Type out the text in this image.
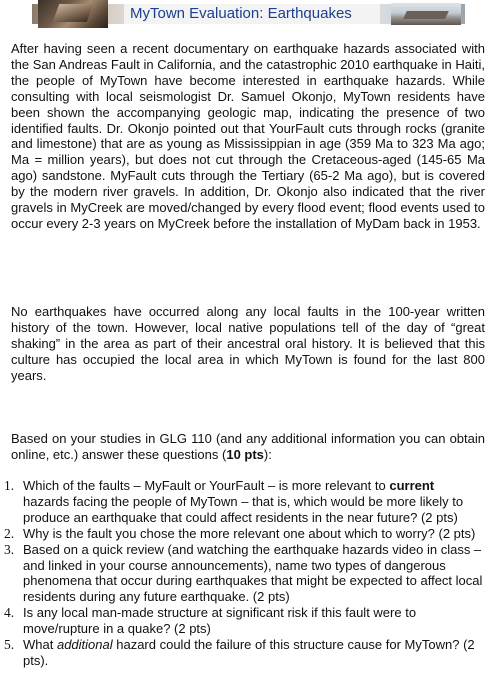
MyTown Evaluation: Earthquakes

After having seen a recent documentary on earthquake hazards associated with the San Andreas Fault in California, and the catastrophic 2010 earthquake in Haiti, the people of MyTown have become interested in earthquake hazards. While consulting with local seismologist Dr. Samuel Okonjo, MyTown residents have been shown the accompanying geologic map, indicating the presence of two identified faults. Dr. Okonjo pointed out that YourFault cuts through rocks (granite and limestone) that are as young as Mississippian in age (359 Ma to 323 Ma ago; Ma = million years), but does not cut through the Cretaceous-aged (145-65 Ma ago) sandstone. MyFault cuts through the Tertiary (65-2 Ma ago), but is covered by the modern river gravels. In addition, Dr. Okonjo also indicated that the river gravels in MyCreek are moved/changed by every flood event; flood events used to occur every 2-3 years on MyCreek before the installation of MyDam back in 1953.

No earthquakes have occurred along any local faults in the 100-year written history of the town. However, local native populations tell of the day of “great shaking” in the area as part of their ancestral oral history. It is believed that this culture has occupied the local area in which MyTown is found for the last 800 years.

Based on your studies in GLG 110 (and any additional information you can obtain online, etc.) answer these questions (10 pts):

1. Which of the faults – MyFault or YourFault – is more relevant to current hazards facing the people of MyTown – that is, which would be more likely to produce an earthquake that could affect residents in the near future? (2 pts)
2. Why is the fault you chose the more relevant one about which to worry? (2 pts)
3. Based on a quick review (and watching the earthquake hazards video in class – and linked in your course announcements), name two types of dangerous phenomena that occur during earthquakes that might be expected to affect local residents during any future earthquake. (2 pts)
4. Is any local man-made structure at significant risk if this fault were to move/rupture in a quake? (2 pts)
5. What additional hazard could the failure of this structure cause for MyTown? (2 pts).
